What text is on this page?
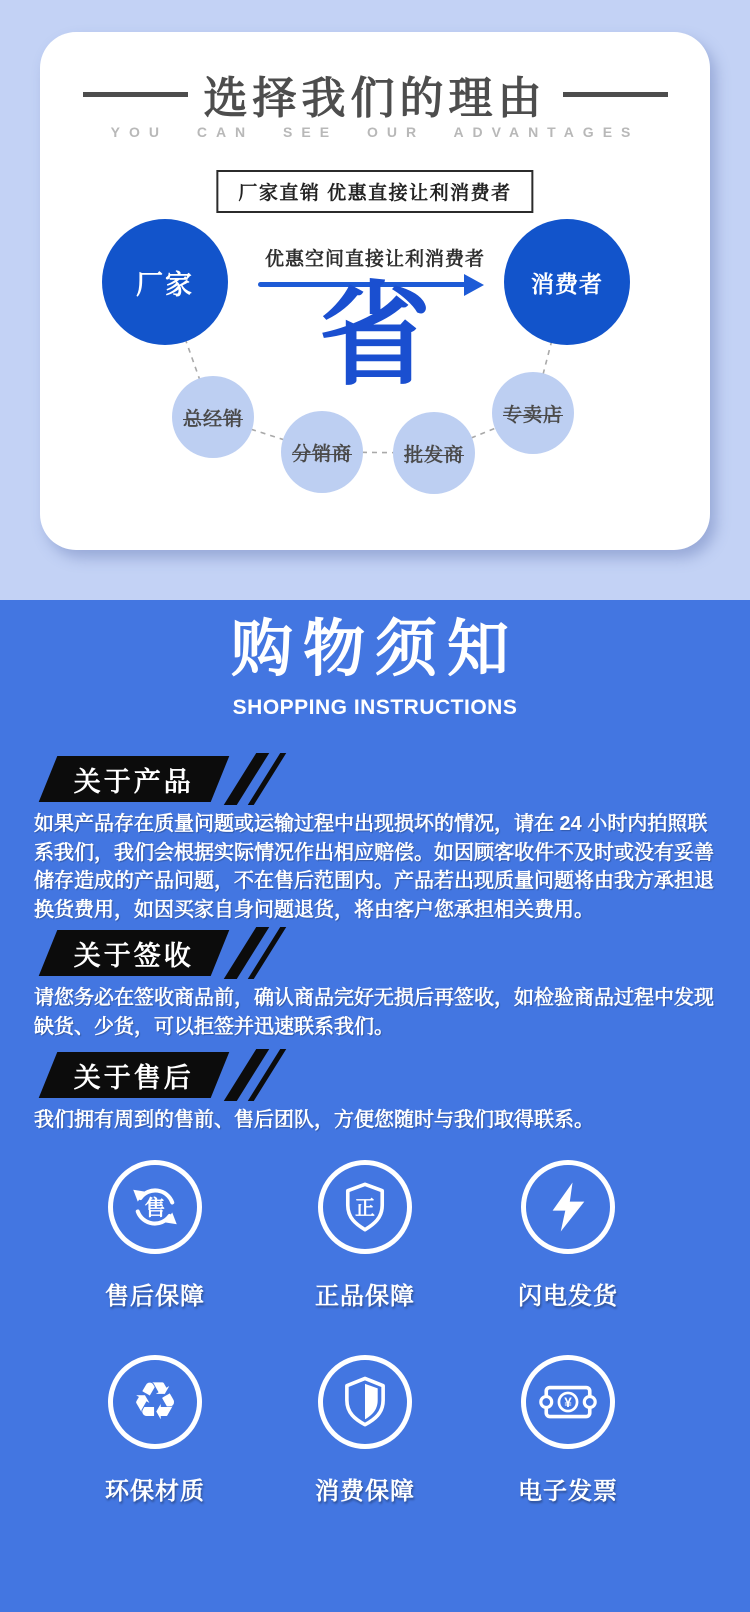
选择我们的理由
YOU CAN SEE OUR ADVANTAGES
厂家直销 优惠直接让利消费者
厂家	消费者
优惠空间直接让利消费者
省
总经销
分销商	批发商
专卖店
购物须知
SHOPPING INSTRUCTIONS
关于产品

如果产品存在质量问题或运输过程中出现损坏的情况，请在 24 小时内拍照联系我们，我们会根据实际情况作出相应赔偿。如因顾客收件不及时或没有妥善储存造成的产品问题，不在售后范围内。产品若出现质量问题将由我方承担退换货费用，如因买家自身问题退货，将由客户您承担相关费用。

关于签收

请您务必在签收商品前，确认商品完好无损后再签收，如检验商品过程中发现缺货、少货，可以拒签并迅速联系我们。

关于售后

我们拥有周到的售前、售后团队，方便您随时与我们取得联系。

售
售后保障
正
正品保障	闪电发货
♻
环保材质	消费保障
¥
电子发票
